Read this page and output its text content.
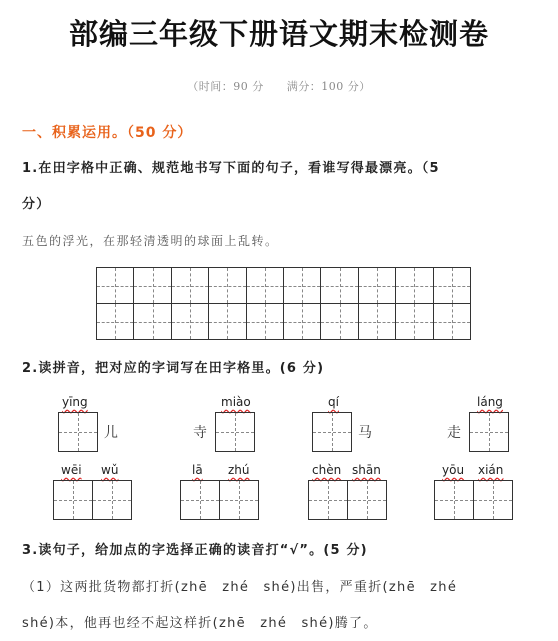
部编三年级下册语文期末检测卷
（时间：90 分　　满分：100 分）
一、积累运用。（50 分）
1.在田字格中正确、规范地书写下面的句子，看谁写得最漂亮。（5
分）
五色的浮光，在那轻清透明的球面上乱转。
2.读拼音，把对应的字词写在田字格里。(6 分)
yīng
儿
miào
寺
qí
马
láng
走
wēi wǔ	lā zhú	chèn shān	yōu xián
3.读句子，给加点的字选择正确的读音打“√”。(5 分)
（1）这两批货物都打折(zhē　zhé　shé)出售，严重折(zhē　zhé
shé)本，他再也经不起这样折(zhē　zhé　shé)腾了。
